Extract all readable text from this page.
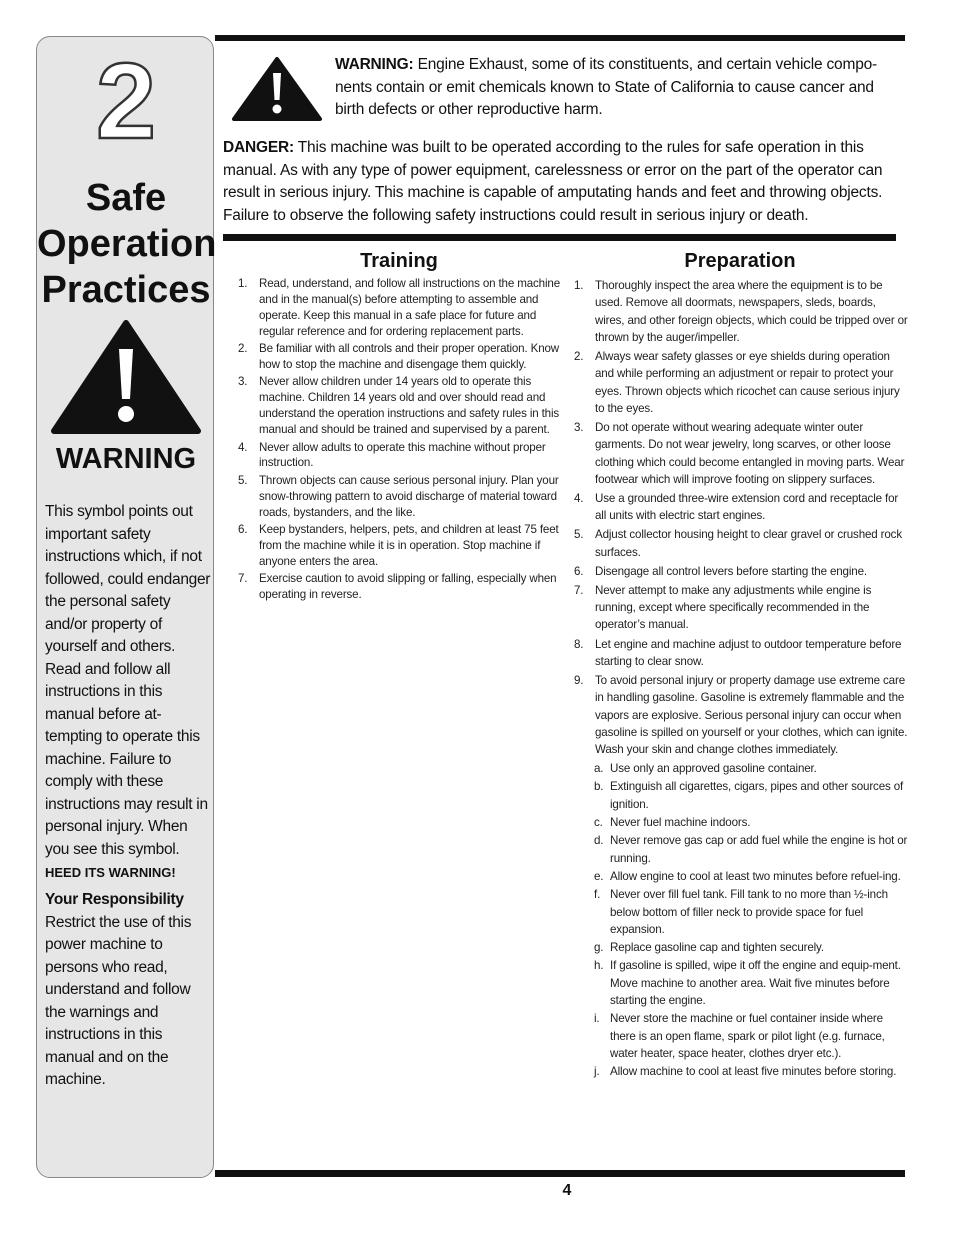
2
Safe
Operation
Practices
WARNING
This symbol points out important safety instructions which, if not followed, could endanger the personal safety and/or property of yourself and others. Read and follow all instructions in this manual before at-tempting to operate this machine. Failure to comply with these instructions may result in personal injury. When you see this symbol.
HEED ITS WARNING!
Your Responsibility
Restrict the use of this power machine to persons who read, understand and follow the warnings and instructions in this manual and on the machine.
WARNING: Engine Exhaust, some of its constituents, and certain vehicle compo-nents contain or emit chemicals known to State of California to cause cancer and birth defects or other reproductive harm.
DANGER: This machine was built to be operated according to the rules for safe operation in this manual. As with any type of power equipment, carelessness or error on the part of the operator can result in serious injury. This machine is capable of amputating hands and feet and throwing objects. Failure to observe the following safety instructions could result in serious injury or death.
Training
1.	Read, understand, and follow all instructions on the machine and in the manual(s) before attempting to assemble and operate. Keep this manual in a safe place for future and regular reference and for ordering replacement parts.
2.	Be familiar with all controls and their proper operation. Know how to stop the machine and disengage them quickly.
3.	Never allow children under 14 years old to operate this machine. Children 14 years old and over should read and understand the operation instructions and safety rules in this manual and should be trained and supervised by a parent.
4.	Never allow adults to operate this machine without proper instruction.
5.	Thrown objects can cause serious personal injury. Plan your snow-throwing pattern to avoid discharge of material toward roads, bystanders, and the like.
6.	Keep bystanders, helpers, pets, and children at least 75 feet from the machine while it is in operation. Stop machine if anyone enters the area.
7.	Exercise caution to avoid slipping or falling, especially when operating in reverse.
Preparation
1.	Thoroughly inspect the area where the equipment is to be used. Remove all doormats, newspapers, sleds, boards, wires, and other foreign objects, which could be tripped over or thrown by the auger/impeller.
2.	Always wear safety glasses or eye shields during operation and while performing an adjustment or repair to protect your eyes. Thrown objects which ricochet can cause serious injury to the eyes.
3.	Do not operate without wearing adequate winter outer garments. Do not wear jewelry, long scarves, or other loose clothing which could become entangled in moving parts. Wear footwear which will improve footing on slippery surfaces.
4.	Use a grounded three-wire extension cord and receptacle for all units with electric start engines.
5.	Adjust collector housing height to clear gravel or crushed rock surfaces.
6.	Disengage all control levers before starting the engine.
7.	Never attempt to make any adjustments while engine is running, except where specifically recommended in the operator’s manual.
8.	Let engine and machine adjust to outdoor temperature before starting to clear snow.
9.	To avoid personal injury or property damage use extreme care in handling gasoline. Gasoline is extremely flammable and the vapors are explosive. Serious personal injury can occur when gasoline is spilled on yourself or your clothes, which can ignite. Wash your skin and change clothes immediately.
a. Use only an approved gasoline container.
b. Extinguish all cigarettes, cigars, pipes and other sources of ignition.
c. Never fuel machine indoors.
d. Never remove gas cap or add fuel while the engine is hot or running.
e. Allow engine to cool at least two minutes before refuel-ing.
f. Never over fill fuel tank. Fill tank to no more than ½-inch below bottom of filler neck to provide space for fuel expansion.
g. Replace gasoline cap and tighten securely.
h. If gasoline is spilled, wipe it off the engine and equip-ment. Move machine to another area. Wait five minutes before starting the engine.
i. Never store the machine or fuel container inside where there is an open flame, spark or pilot light (e.g. furnace, water heater, space heater, clothes dryer etc.).
j. Allow machine to cool at least five minutes before storing.
4
